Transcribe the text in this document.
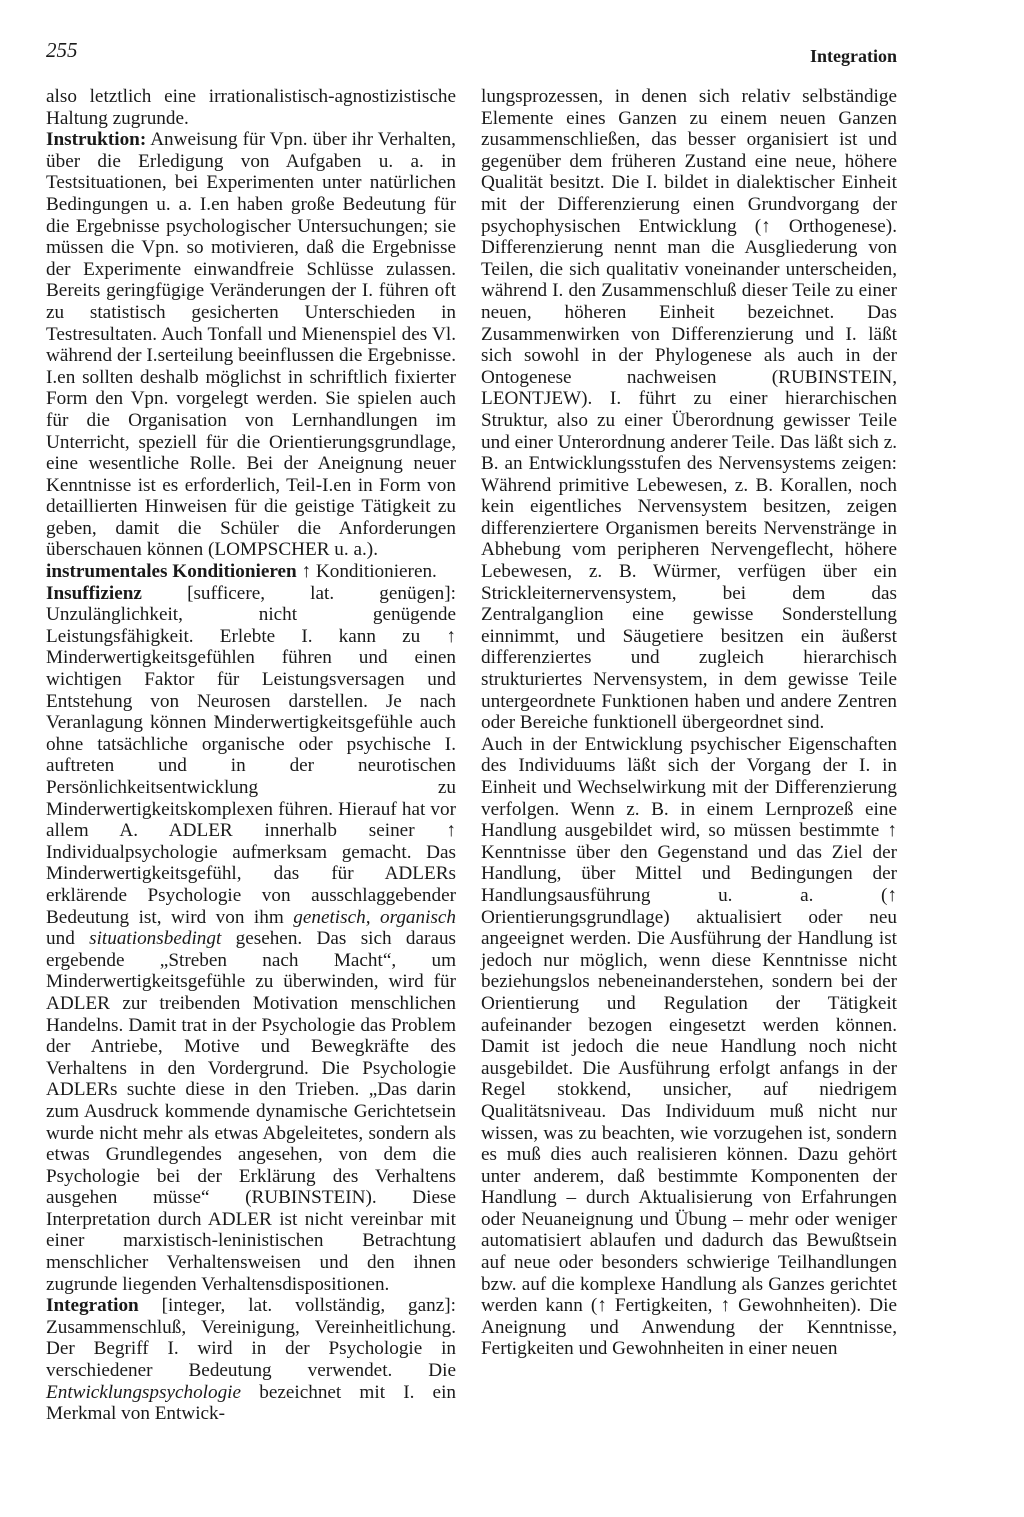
255	Integration

also letztlich eine irrationalistisch-agnostizistische Haltung zugrunde.

Instruktion: Anweisung für Vpn. über ihr Verhalten, über die Erledigung von Aufgaben u. a. in Testsituationen, bei Experimenten unter natürlichen Bedingungen u. a. I.en haben große Bedeutung für die Ergebnisse psychologischer Untersuchungen; sie müssen die Vpn. so motivieren, daß die Ergebnisse der Experimente einwandfreie Schlüsse zulassen. Bereits geringfügige Veränderungen der I. führen oft zu statistisch gesicherten Unterschieden in Testresultaten. Auch Tonfall und Mienenspiel des Vl. während der I.serteilung beeinflussen die Ergebnisse. I.en sollten deshalb möglichst in schriftlich fixierter Form den Vpn. vorgelegt werden. Sie spielen auch für die Organisation von Lernhandlungen im Unterricht, speziell für die Orientierungsgrundlage, eine wesentliche Rolle. Bei der Aneignung neuer Kenntnisse ist es erforderlich, Teil-I.en in Form von detaillierten Hinweisen für die geistige Tätigkeit zu geben, damit die Schüler die Anforderungen überschauen können (LOMPSCHER u. a.).

instrumentales Konditionieren ↑ Konditionieren.

Insuffizienz [sufficere, lat. genügen]: Unzulänglichkeit, nicht genügende Leistungsfähigkeit. Erlebte I. kann zu ↑ Minderwertigkeitsgefühlen führen und einen wichtigen Faktor für Leistungsversagen und Entstehung von Neurosen darstellen. Je nach Veranlagung können Minderwertigkeitsgefühle auch ohne tatsächliche organische oder psychische I. auftreten und in der neurotischen Persönlichkeitsentwicklung zu Minderwertigkeitskomplexen führen. Hierauf hat vor allem A. ADLER innerhalb seiner ↑ Individualpsychologie aufmerksam gemacht. Das Minderwertigkeitsgefühl, das für ADLERs erklärende Psychologie von ausschlaggebender Bedeutung ist, wird von ihm genetisch, organisch und situationsbedingt gesehen. Das sich daraus ergebende „Streben nach Macht“, um Minderwertigkeitsgefühle zu überwinden, wird für ADLER zur treibenden Motivation menschlichen Handelns. Damit trat in der Psychologie das Problem der Antriebe, Motive und Bewegkräfte des Verhaltens in den Vordergrund. Die Psychologie ADLERs suchte diese in den Trieben. „Das darin zum Ausdruck kommende dynamische Gerichtetsein wurde nicht mehr als etwas Abgeleitetes, sondern als etwas Grundlegendes angesehen, von dem die Psychologie bei der Erklärung des Verhaltens ausgehen müsse“ (RUBINSTEIN). Diese Interpretation durch ADLER ist nicht vereinbar mit einer marxistisch-leninistischen Betrachtung menschlicher Verhaltensweisen und den ihnen zugrunde liegenden Verhaltensdispositionen.

Integration [integer, lat. vollständig, ganz]: Zusammenschluß, Vereinigung, Vereinheitlichung. Der Begriff I. wird in der Psychologie in verschiedener Bedeutung verwendet. Die Entwicklungspsychologie bezeichnet mit I. ein Merkmal von Entwick-

lungsprozessen, in denen sich relativ selbständige Elemente eines Ganzen zu einem neuen Ganzen zusammenschließen, das besser organisiert ist und gegenüber dem früheren Zustand eine neue, höhere Qualität besitzt. Die I. bildet in dialektischer Einheit mit der Differenzierung einen Grundvorgang der psychophysischen Entwicklung (↑ Orthogenese). Differenzierung nennt man die Ausgliederung von Teilen, die sich qualitativ voneinander unterscheiden, während I. den Zusammenschluß dieser Teile zu einer neuen, höheren Einheit bezeichnet. Das Zusammenwirken von Differenzierung und I. läßt sich sowohl in der Phylogenese als auch in der Ontogenese nachweisen (RUBINSTEIN, LEONTJEW). I. führt zu einer hierarchischen Struktur, also zu einer Überordnung gewisser Teile und einer Unterordnung anderer Teile. Das läßt sich z. B. an Entwicklungsstufen des Nervensystems zeigen: Während primitive Lebewesen, z. B. Korallen, noch kein eigentliches Nervensystem besitzen, zeigen differenziertere Organismen bereits Nervenstränge in Abhebung vom peripheren Nervengeflecht, höhere Lebewesen, z. B. Würmer, verfügen über ein Strickleiternervensystem, bei dem das Zentralganglion eine gewisse Sonderstellung einnimmt, und Säugetiere besitzen ein äußerst differenziertes und zugleich hierarchisch strukturiertes Nervensystem, in dem gewisse Teile untergeordnete Funktionen haben und andere Zentren oder Bereiche funktionell übergeordnet sind.

Auch in der Entwicklung psychischer Eigenschaften des Individuums läßt sich der Vorgang der I. in Einheit und Wechselwirkung mit der Differenzierung verfolgen. Wenn z. B. in einem Lernprozeß eine Handlung ausgebildet wird, so müssen bestimmte ↑ Kenntnisse über den Gegenstand und das Ziel der Handlung, über Mittel und Bedingungen der Handlungsausführung u. a. (↑ Orientierungsgrundlage) aktualisiert oder neu angeeignet werden. Die Ausführung der Handlung ist jedoch nur möglich, wenn diese Kenntnisse nicht beziehungslos nebeneinanderstehen, sondern bei der Orientierung und Regulation der Tätigkeit aufeinander bezogen eingesetzt werden können. Damit ist jedoch die neue Handlung noch nicht ausgebildet. Die Ausführung erfolgt anfangs in der Regel stokkend, unsicher, auf niedrigem Qualitätsniveau. Das Individuum muß nicht nur wissen, was zu beachten, wie vorzugehen ist, sondern es muß dies auch realisieren können. Dazu gehört unter anderem, daß bestimmte Komponenten der Handlung – durch Aktualisierung von Erfahrungen oder Neuaneignung und Übung – mehr oder weniger automatisiert ablaufen und dadurch das Bewußtsein auf neue oder besonders schwierige Teilhandlungen bzw. auf die komplexe Handlung als Ganzes gerichtet werden kann (↑ Fertigkeiten, ↑ Gewohnheiten). Die Aneignung und Anwendung der Kenntnisse, Fertigkeiten und Gewohnheiten in einer neuen
